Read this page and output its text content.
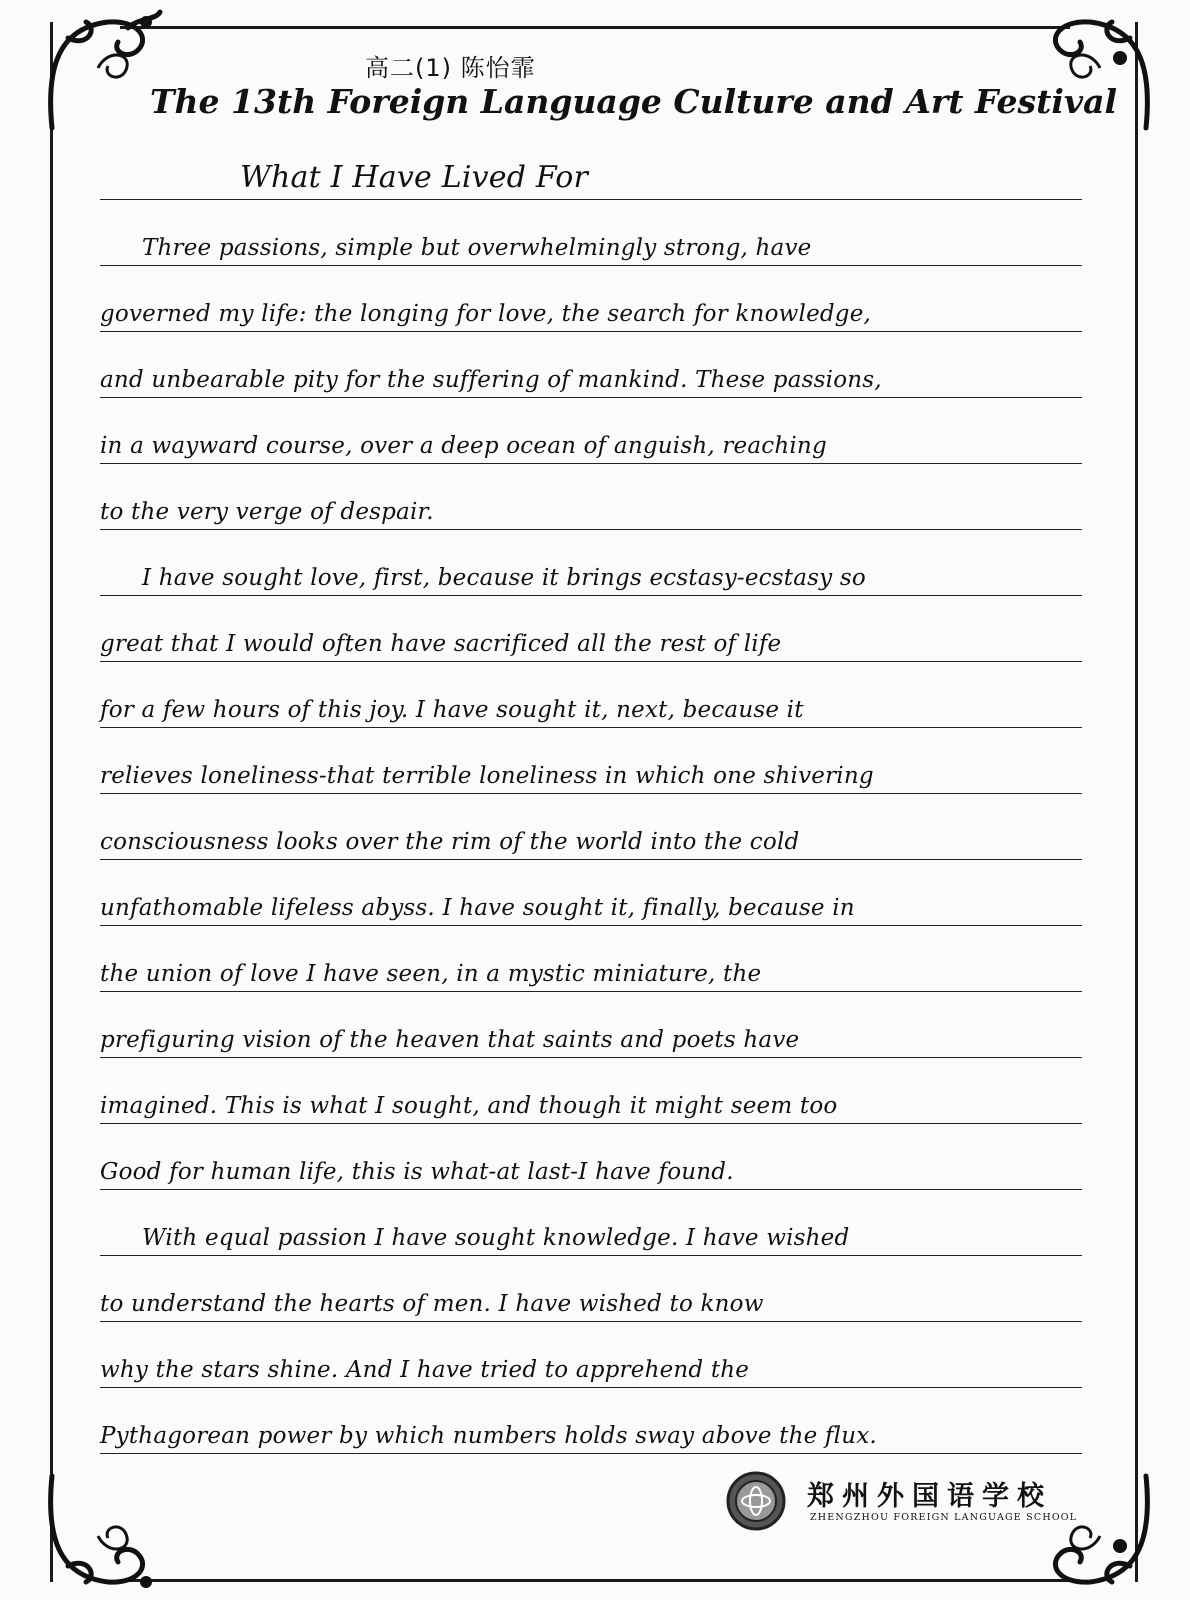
高二(1) 陈怡霏
The 13th Foreign Language Culture and Art Festival
What I Have Lived For
Three passions, simple but overwhelmingly strong, have
governed my life: the longing for love, the search for knowledge,
and unbearable pity for the suffering of mankind. These passions,
in a wayward course, over a deep ocean of anguish, reaching
to the very verge of despair.
I have sought love, first, because it brings ecstasy-ecstasy so
great that I would often have sacrificed all the rest of life
for a few hours of this joy. I have sought it, next, because it
relieves loneliness-that terrible loneliness in which one shivering
consciousness looks over the rim of the world into the cold
unfathomable lifeless abyss. I have sought it, finally, because in
the union of love I have seen, in a mystic miniature, the
prefiguring vision of the heaven that saints and poets have
imagined. This is what I sought, and though it might seem too
Good for human life, this is what-at last-I have found.
With equal passion I have sought knowledge. I have wished
to understand the hearts of men. I have wished to know
why the stars shine. And I have tried to apprehend the
Pythagorean power by which numbers holds sway above the flux.
郑州外国语学校
ZHENGZHOU FOREIGN LANGUAGE SCHOOL
